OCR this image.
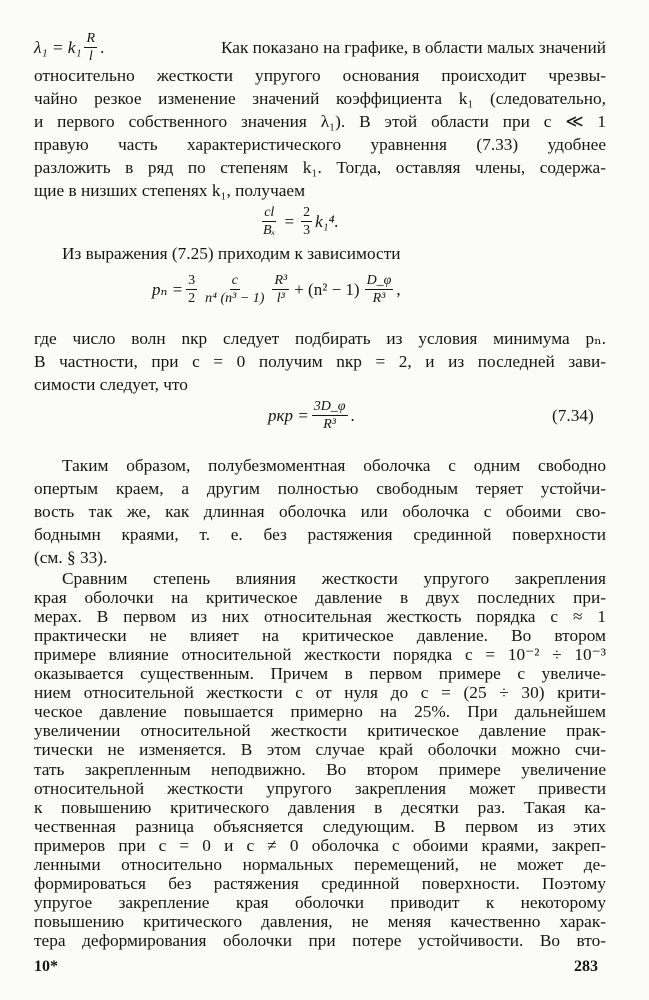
$\lambda_1 = k_1 \frac{R}{l}$ .	Как показано на графике, в области малых значений
относительно жесткости упругого основания происходит чрезвы-
чайно резкое изменение значений коэффициента k₁ (следовательно,
и первого собственного значения λ₁). В этой области при c ≪ 1
правую часть характеристического уравнення (7.33) удобнее
разложить в ряд по степеням k₁. Тогда, оставляя члены, содержа-
щие в низших степенях k₁, получаем
$\frac{cl}{\text{Bₓ}} = \frac{2}{3} k_1^4$.
Из выражения (7.25) приходим к зависимости
$p_n = \frac{3}{2} \frac{c}{\text{n⁴ (n³ − 1)}} \frac{\text{R³}}{\text{l³}} + (n^2 - 1) \frac{D\_\varphi}{\text{R³}}$ ,
где число волн nкр следует подбирать из условия минимума pₙ.
В частности, при c = 0 получим nкр = 2, и из последней зави-
симости следует, что
pкр = $\frac{3D\_\varphi}{\text{R³}}$ .	(7.34)
Таким образом, полубезмоментная оболочка с одним свободно
опертым краем, а другим полностью свободным теряет устойчи-
вость так же, как длинная оболочка или оболочка с обоими сво-
боднымн краями, т. е. без растяжения срединной поверхности
(см. § 33).
Сравним степень влияния жесткости упругого закрепления
края оболочки на критическое давление в двух последних при-
мерах. В первом из них относительная жесткость порядка c ≈ 1
практически не влияет на критическое давление. Во втором
примере влияние относительной жесткости порядка c = 10⁻² ÷ 10⁻³
оказывается существенным. Причем в первом примере с увеличе-
нием относительной жесткости c от нуля до c = (25 ÷ 30) крити-
ческое давление повышается примерно на 25%. При дальнейшем
увеличении относительной жесткости критическое давление прак-
тически не изменяется. В этом случае край оболочки можно счи-
тать закрепленным неподвижно. Во втором примере увеличение
относительной жесткости упругого закрепления может привести
к повышению критического давления в десятки раз. Такая ка-
чественная разница объясняется следующим. В первом из этих
примеров при c = 0 и c ≠ 0 оболочка с обоими краями, закреп-
ленными относительно нормальных перемещений, не может де-
формироваться без растяжения срединной поверхности. Поэтому
10*	283
упругое закрепление края оболочки приводит к некоторому
повышению критического давления, не меняя качественно харак-
тера деформирования оболочки при потере устойчивости. Во вто-
